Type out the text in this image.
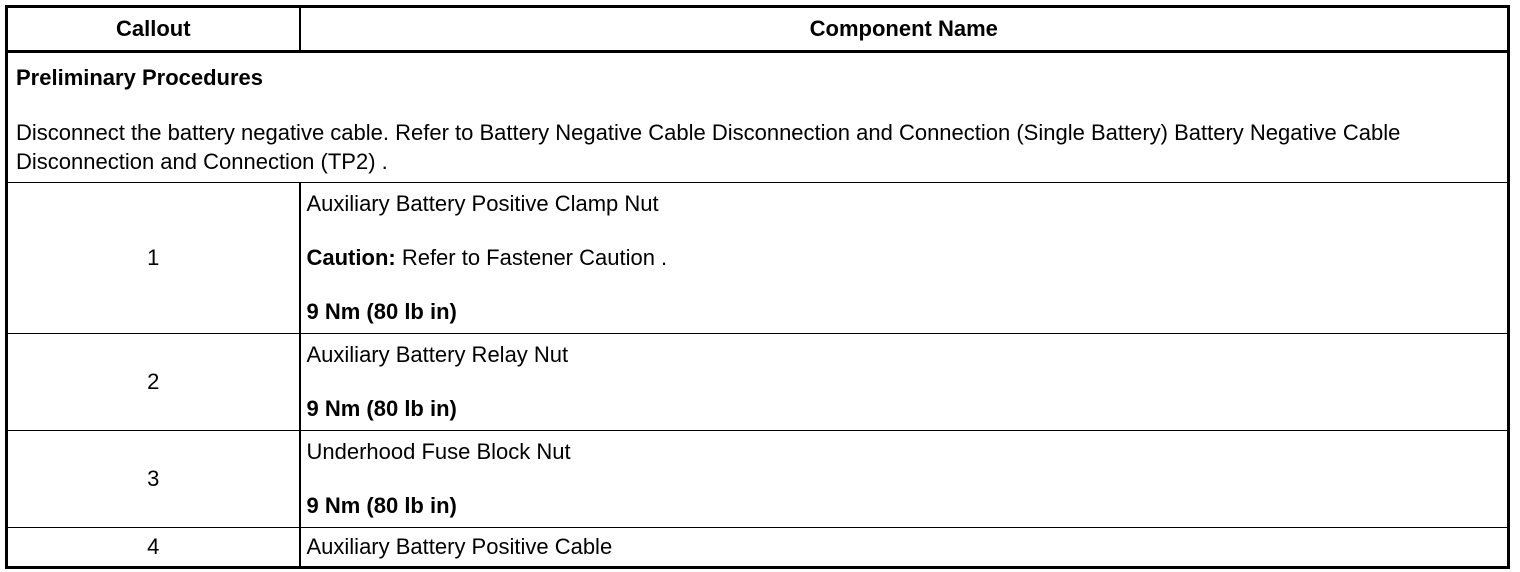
Callout	Component Name

Preliminary Procedures
Disconnect the battery negative cable. Refer to Battery Negative Cable Disconnection and Connection (Single Battery) Battery Negative Cable Disconnection and Connection (TP2) .	

1	Auxiliary Battery Positive Clamp Nut
Caution: Refer to Fastener Caution .
9 Nm (80 lb in)

2	Auxiliary Battery Relay Nut
9 Nm (80 lb in)

3	Underhood Fuse Block Nut
9 Nm (80 lb in)

4	Auxiliary Battery Positive Cable
